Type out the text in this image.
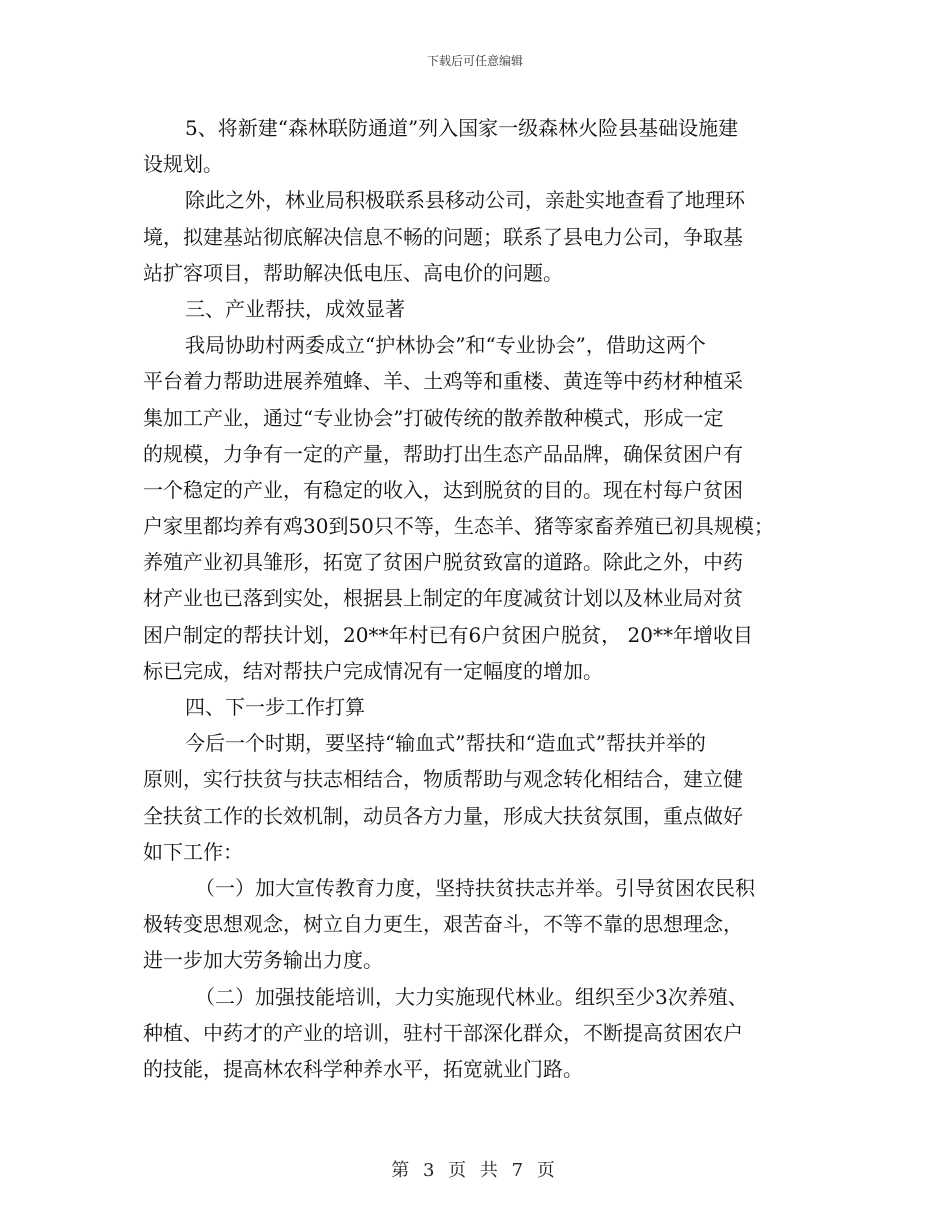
下载后可任意编辑
5、将新建“森林联防通道”列入国家一级森林火险县基础设施建
设规划。
除此之外，林业局积极联系县移动公司，亲赴实地查看了地理环
境，拟建基站彻底解决信息不畅的问题；联系了县电力公司，争取基
站扩容项目，帮助解决低电压、高电价的问题。
三、产业帮扶，成效显著
我局协助村两委成立“护林协会”和“专业协会”，借助这两个
平台着力帮助进展养殖蜂、羊、土鸡等和重楼、黄连等中药材种植采
集加工产业，通过“专业协会”打破传统的散养散种模式，形成一定
的规模，力争有一定的产量，帮助打出生态产品品牌，确保贫困户有
一个稳定的产业，有稳定的收入，达到脱贫的目的。现在村每户贫困
户家里都均养有鸡30到50只不等，生态羊、猪等家畜养殖已初具规模；
养殖产业初具雏形，拓宽了贫困户脱贫致富的道路。除此之外，中药
材产业也已落到实处，根据县上制定的年度减贫计划以及林业局对贫
困户制定的帮扶计划，20**年村已有6户贫困户脱贫， 20**年增收目
标已完成，结对帮扶户完成情况有一定幅度的增加。
四、下一步工作打算
今后一个时期，要坚持“输血式”帮扶和“造血式”帮扶并举的
原则，实行扶贫与扶志相结合，物质帮助与观念转化相结合，建立健
全扶贫工作的长效机制，动员各方力量，形成大扶贫氛围，重点做好
如下工作：
（一）加大宣传教育力度，坚持扶贫扶志并举。引导贫困农民积
极转变思想观念，树立自力更生，艰苦奋斗，不等不靠的思想理念，
进一步加大劳务输出力度。
（二）加强技能培训，大力实施现代林业。组织至少3次养殖、
种植、中药才的产业的培训，驻村干部深化群众，不断提高贫困农户
的技能，提高林农科学种养水平，拓宽就业门路。
第 3 页 共 7 页
